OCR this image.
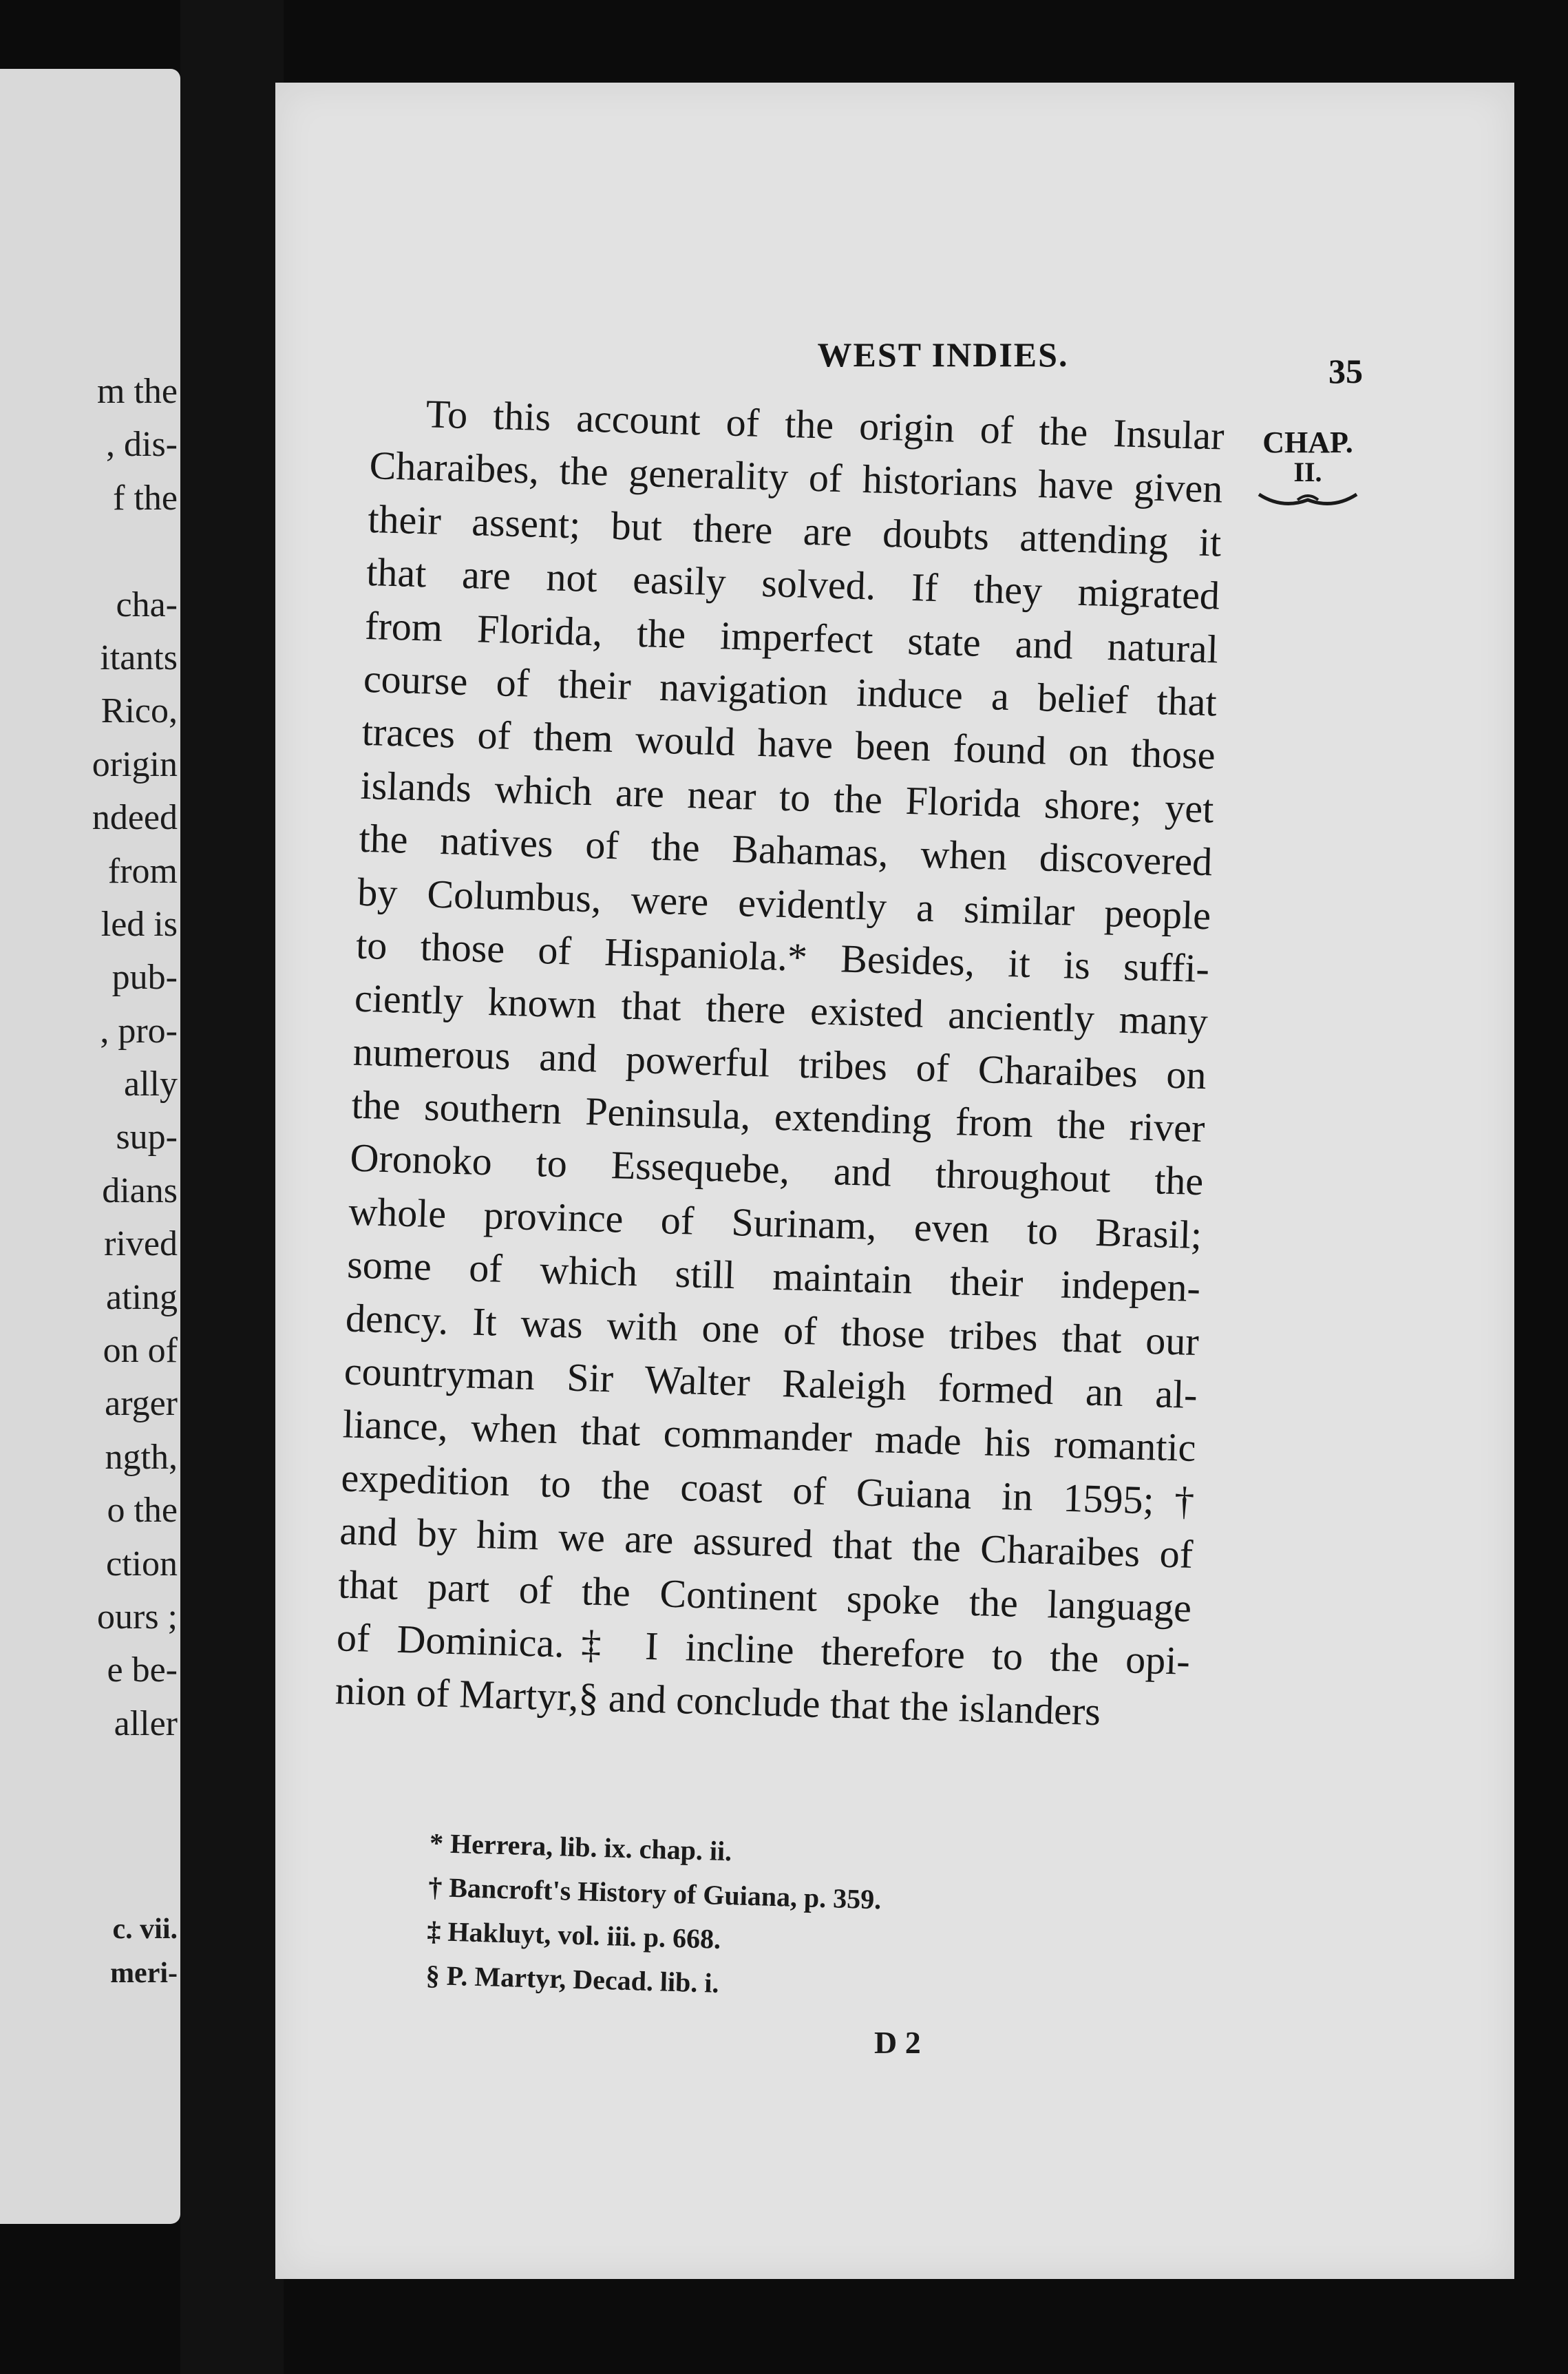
m the
, dis-
f the
cha-
itants
Rico,
origin
ndeed
from
led is
pub-
, pro-
ally
sup-
dians
rived
ating
on of
arger
ngth,
o the
ction
ours ;
e be-
aller
c. vii.
meri-
WEST INDIES.	35
CHAP.
II.
To this account of the origin of the Insular
Charaibes, the generality of historians have given
their assent; but there are doubts attending it
that are not easily solved. If they migrated
from Florida, the imperfect state and natural
course of their navigation induce a belief that
traces of them would have been found on those
islands which are near to the Florida shore; yet
the natives of the Bahamas, when discovered
by Columbus, were evidently a similar people
to those of Hispaniola.* Besides, it is suffi-
ciently known that there existed anciently many
numerous and powerful tribes of Charaibes on
the southern Peninsula, extending from the river
Oronoko to Essequebe, and throughout the
whole province of Surinam, even to Brasil;
some of which still maintain their indepen-
dency. It was with one of those tribes that our
countryman Sir Walter Raleigh formed an al-
liance, when that commander made his romantic
expedition to the coast of Guiana in 1595;†
and by him we are assured that the Charaibes of
that part of the Continent spoke the language
of Dominica.‡ I incline therefore to the opi-
nion of Martyr,§ and conclude that the islanders
* Herrera, lib. ix. chap. ii.
† Bancroft's History of Guiana, p. 359.
‡ Hakluyt, vol. iii. p. 668.
§ P. Martyr, Decad. lib. i.
D 2
